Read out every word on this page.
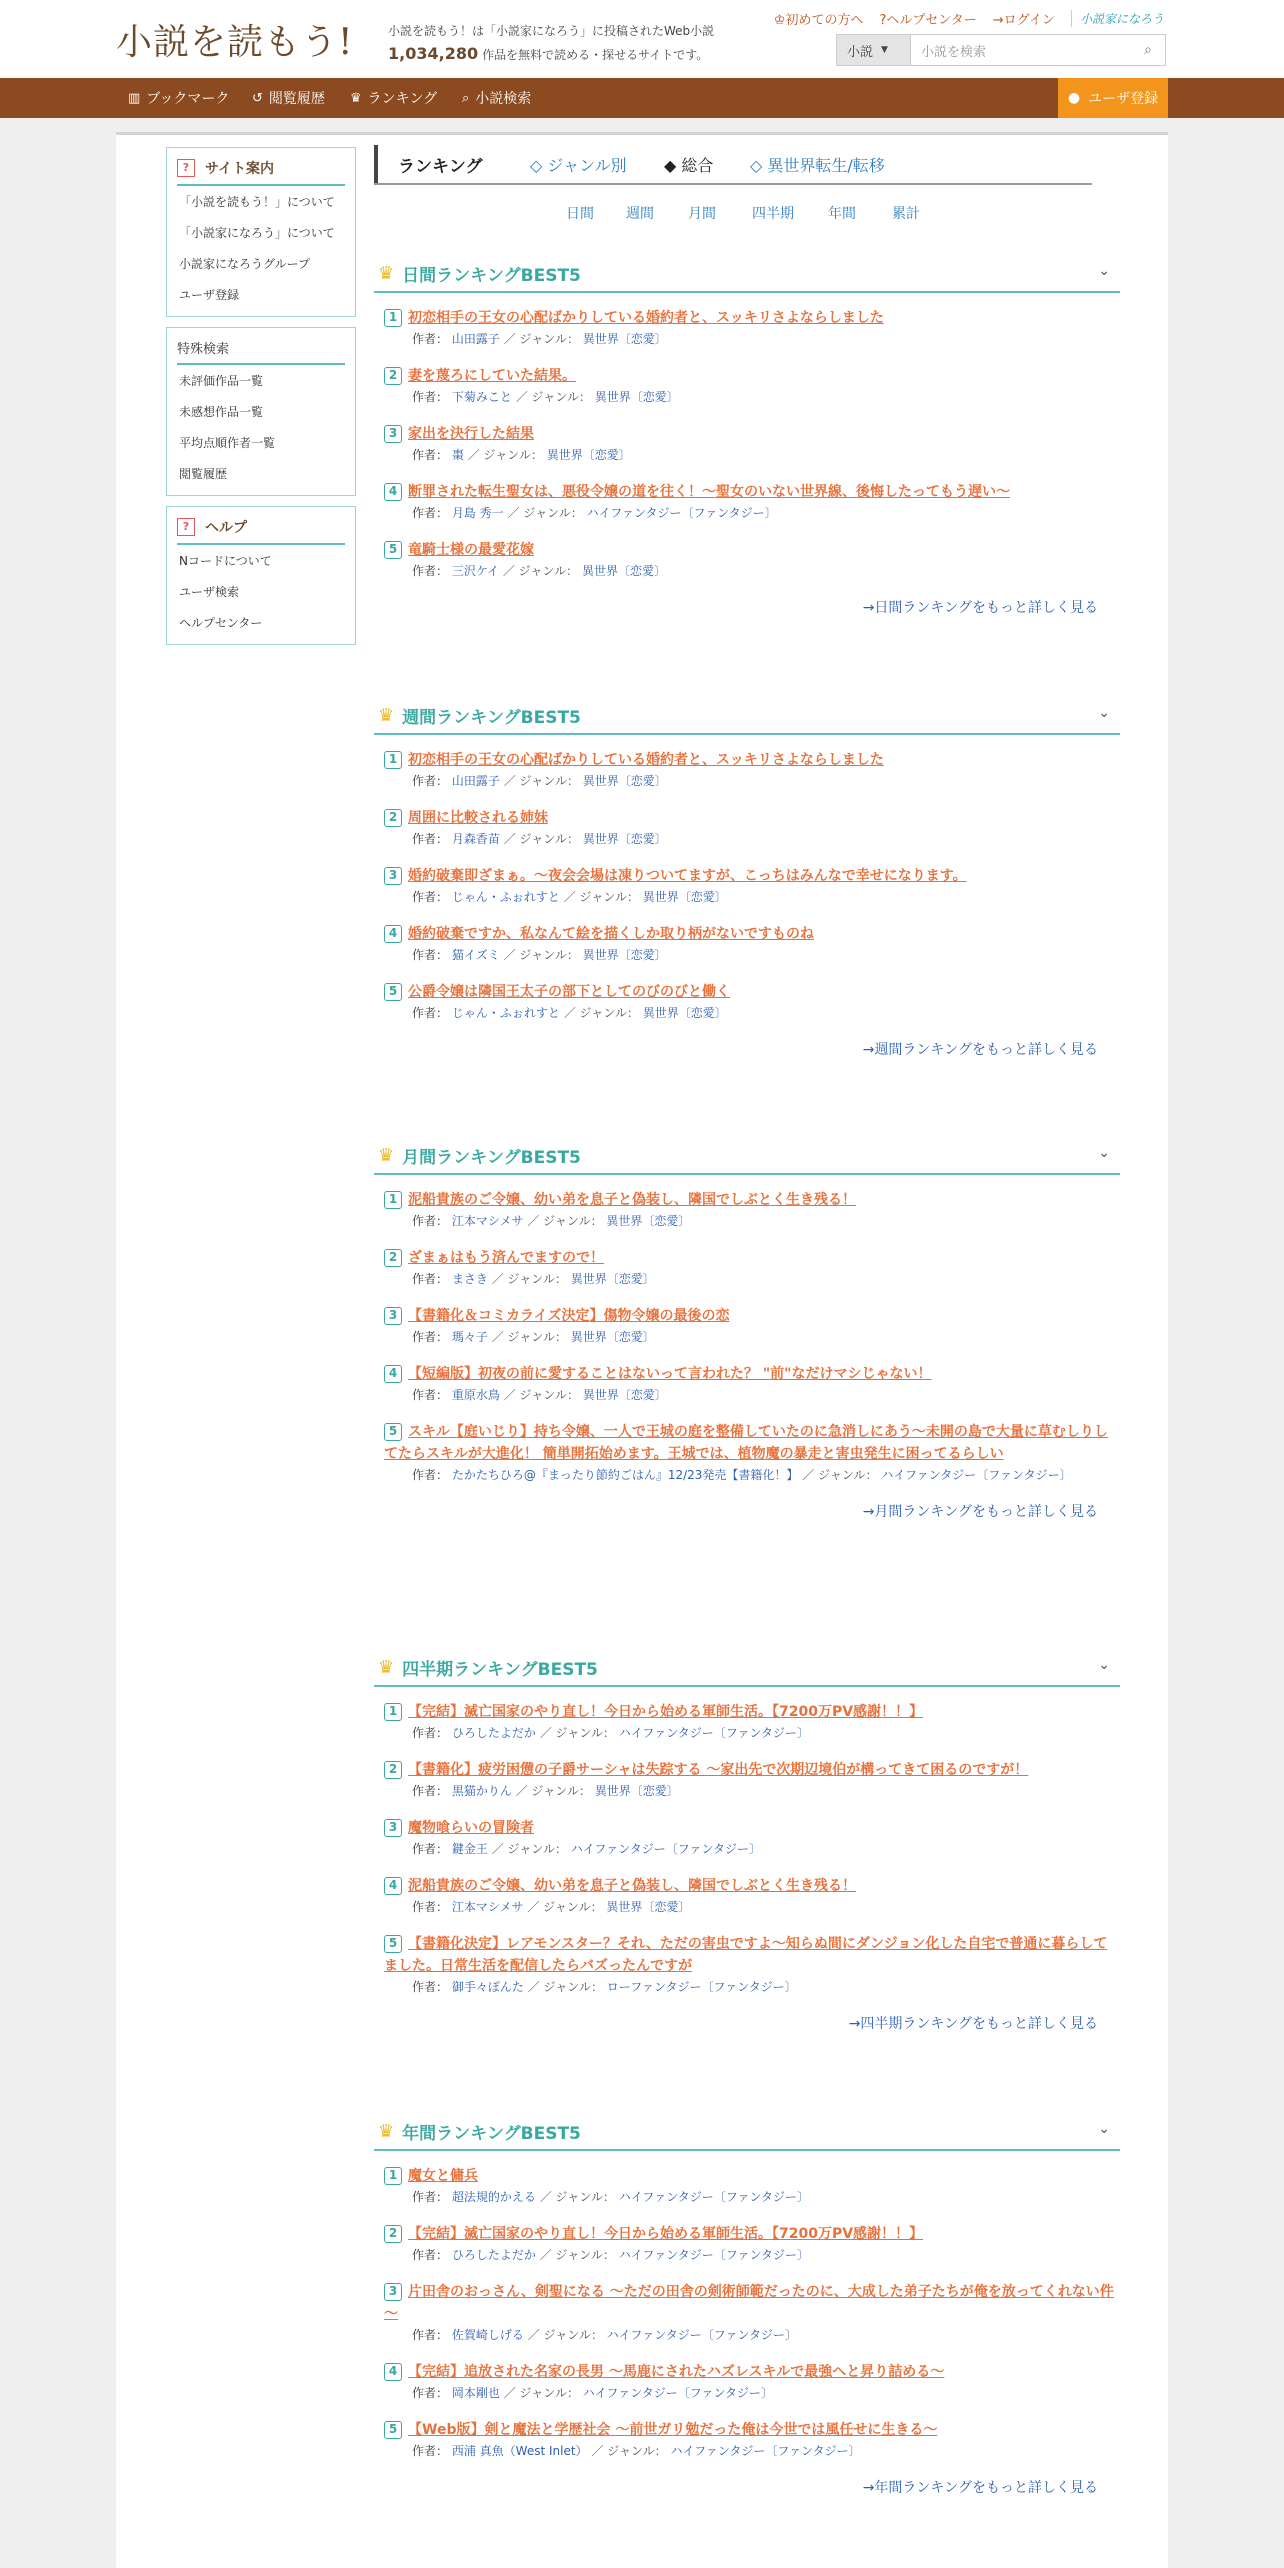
小説を読もう!	小説を読もう！は「小説家になろう」に投稿されたWeb小説
1,034,280 作品を無料で読める・探せるサイトです。
♔初めての方へ ?ヘルプセンター →ログイン	小説家になろう
小説 ▼	小説を検索	⌕
▥ ブックマーク ↺ 閲覧履歴 ♛ ランキング ⌕ 小説検索	● ユーザ登録
?	サイト案内
「小説を読もう！」について
「小説家になろう」について
小説家になろうグループ
ユーザ登録
特殊検索
未評価作品一覧
未感想作品一覧
平均点順作者一覧
閲覧履歴
?	ヘルプ
Nコードについて
ユーザ検索
ヘルプセンター
ランキング	◇ ジャンル別 ◆ 総合 ◇ 異世界転生/転移
日間 週間 月間	四半期 年間	累計
♛ 日間ランキングBEST5	⌄
1 初恋相手の王女の心配ばかりしている婚約者と、スッキリさよならしました
作者： 山田露子 ／ ジャンル： 異世界〔恋愛〕
2 妻を蔑ろにしていた結果。
作者： 下菊みこと ／ ジャンル： 異世界〔恋愛〕
3 家出を決行した結果
作者： 棗 ／ ジャンル： 異世界〔恋愛〕
4 断罪された転生聖女は、悪役令嬢の道を往く！～聖女のいない世界線、後悔したってもう遅い～
作者： 月島 秀一 ／ ジャンル： ハイファンタジー〔ファンタジー〕
5 竜騎士様の最愛花嫁
作者： 三沢ケイ ／ ジャンル： 異世界〔恋愛〕
→日間ランキングをもっと詳しく見る
♛ 週間ランキングBEST5	⌄
1 初恋相手の王女の心配ばかりしている婚約者と、スッキリさよならしました
作者： 山田露子 ／ ジャンル： 異世界〔恋愛〕
2 周囲に比較される姉妹
作者： 月森香苗 ／ ジャンル： 異世界〔恋愛〕
3 婚約破棄即ざまぁ。～夜会会場は凍りついてますが、こっちはみんなで幸せになります。
作者： じゃん・ふぉれすと ／ ジャンル： 異世界〔恋愛〕
4 婚約破棄ですか、私なんて絵を描くしか取り柄がないですものね
作者： 猫イズミ ／ ジャンル： 異世界〔恋愛〕
5 公爵令嬢は隣国王太子の部下としてのびのびと働く
作者： じゃん・ふぉれすと ／ ジャンル： 異世界〔恋愛〕
→週間ランキングをもっと詳しく見る
♛ 月間ランキングBEST5	⌄
1 泥船貴族のご令嬢、幼い弟を息子と偽装し、隣国でしぶとく生き残る！
作者： 江本マシメサ ／ ジャンル： 異世界〔恋愛〕
2 ざまぁはもう済んでますので！
作者： まさき ／ ジャンル： 異世界〔恋愛〕
3 【書籍化＆コミカライズ決定】傷物令嬢の最後の恋
作者： 瑪々子 ／ ジャンル： 異世界〔恋愛〕
4 【短編版】初夜の前に愛することはないって言われた？ "前"なだけマシじゃない！
作者： 重原水鳥 ／ ジャンル： 異世界〔恋愛〕
5 スキル【庭いじり】持ち令嬢、一人で王城の庭を整備していたのに急消しにあう～未開の島で大量に草むしりしてたらスキルが大進化！ 簡単開拓始めます。王城では、植物魔の暴走と害虫発生に困ってるらしい
作者： たかたちひろ@『まったり節約ごはん』12/23発売【書籍化！】 ／ ジャンル： ハイファンタジー〔ファンタジー〕
→月間ランキングをもっと詳しく見る
♛ 四半期ランキングBEST5	⌄
1 【完結】滅亡国家のやり直し！今日から始める軍師生活。【7200万PV感謝！！】
作者： ひろしたよだか ／ ジャンル： ハイファンタジー〔ファンタジー〕
2 【書籍化】疲労困憊の子爵サーシャは失踪する ～家出先で次期辺境伯が構ってきて困るのですが！
作者： 黒猫かりん ／ ジャンル： 異世界〔恋愛〕
3 魔物喰らいの冒険者
作者： 鍵金王 ／ ジャンル： ハイファンタジー〔ファンタジー〕
4 泥船貴族のご令嬢、幼い弟を息子と偽装し、隣国でしぶとく生き残る！
作者： 江本マシメサ ／ ジャンル： 異世界〔恋愛〕
5 【書籍化決定】レアモンスター？それ、ただの害虫ですよ～知らぬ間にダンジョン化した自宅で普通に暮らしてました。日常生活を配信したらバズったんですが
作者： 御手々ぽんた ／ ジャンル： ローファンタジー〔ファンタジー〕
→四半期ランキングをもっと詳しく見る
♛ 年間ランキングBEST5	⌄
1 魔女と傭兵
作者： 超法規的かえる ／ ジャンル： ハイファンタジー〔ファンタジー〕
2 【完結】滅亡国家のやり直し！今日から始める軍師生活。【7200万PV感謝！！】
作者： ひろしたよだか ／ ジャンル： ハイファンタジー〔ファンタジー〕
3 片田舎のおっさん、剣聖になる ～ただの田舎の剣術師範だったのに、大成した弟子たちが俺を放ってくれない件～
作者： 佐賀崎しげる ／ ジャンル： ハイファンタジー〔ファンタジー〕
4 【完結】追放された名家の長男 ～馬鹿にされたハズレスキルで最強へと昇り詰める～
作者： 岡本剛也 ／ ジャンル： ハイファンタジー〔ファンタジー〕
5 【Web版】剣と魔法と学歴社会 ～前世ガリ勉だった俺は今世では風任せに生きる～
作者： 西浦 真魚（West Inlet） ／ ジャンル： ハイファンタジー〔ファンタジー〕
→年間ランキングをもっと詳しく見る
